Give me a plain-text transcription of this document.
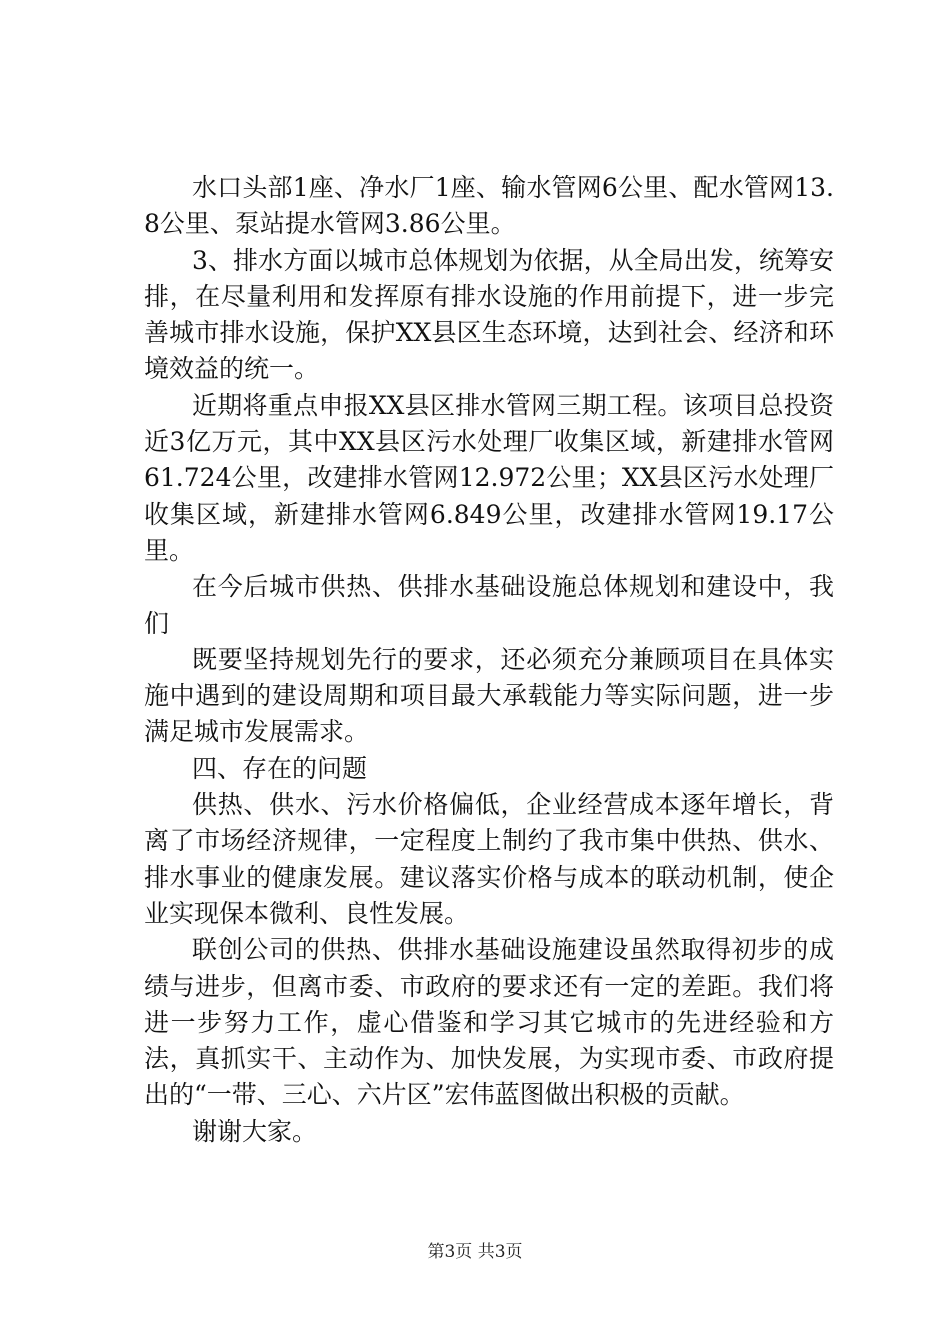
水口头部1座、净水厂1座、输水管网6公里、配水管网13.8公里、泵站提水管网3.86公里。

3、排水方面以城市总体规划为依据，从全局出发，统筹安排，在尽量利用和发挥原有排水设施的作用前提下，进一步完善城市排水设施，保护XX县区生态环境，达到社会、经济和环境效益的统一。

近期将重点申报XX县区排水管网三期工程。该项目总投资近3亿万元，其中XX县区污水处理厂收集区域，新建排水管网61.724公里，改建排水管网12.972公里；XX县区污水处理厂收集区域，新建排水管网6.849公里，改建排水管网19.17公里。

在今后城市供热、供排水基础设施总体规划和建设中，我们

既要坚持规划先行的要求，还必须充分兼顾项目在具体实施中遇到的建设周期和项目最大承载能力等实际问题，进一步满足城市发展需求。

四、存在的问题

供热、供水、污水价格偏低，企业经营成本逐年增长，背离了市场经济规律，一定程度上制约了我市集中供热、供水、排水事业的健康发展。建议落实价格与成本的联动机制，使企业实现保本微利、良性发展。

联创公司的供热、供排水基础设施建设虽然取得初步的成绩与进步，但离市委、市政府的要求还有一定的差距。我们将进一步努力工作，虚心借鉴和学习其它城市的先进经验和方法，真抓实干、主动作为、加快发展，为实现市委、市政府提出的“一带、三心、六片区”宏伟蓝图做出积极的贡献。

谢谢大家。

第3页 共3页
